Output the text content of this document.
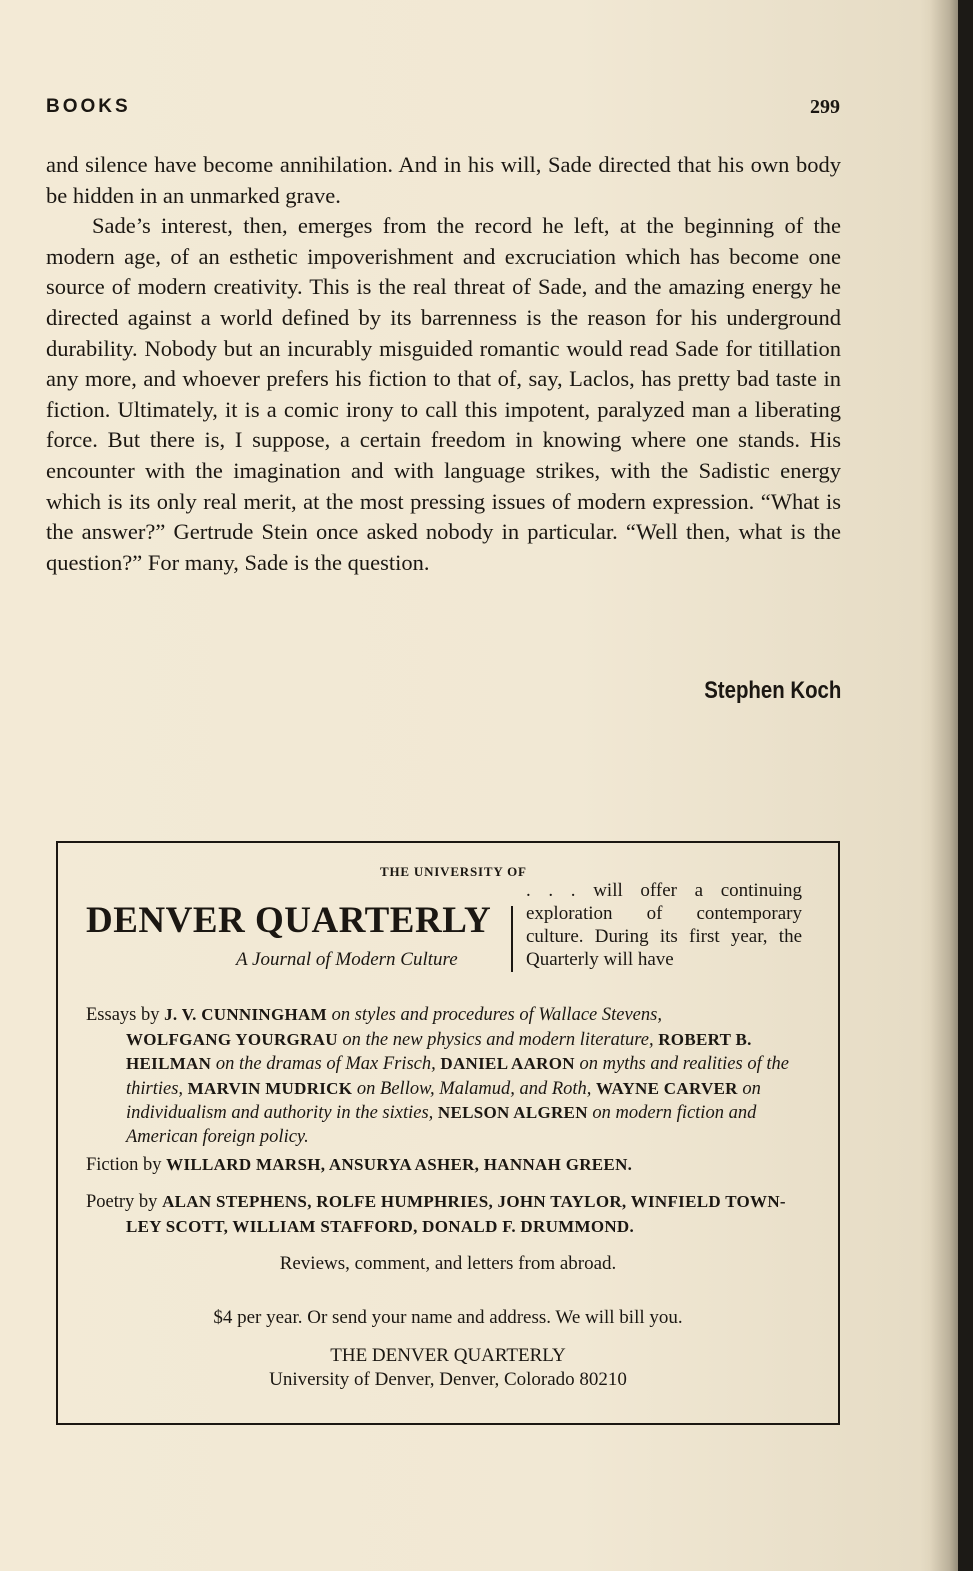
BOOKS	299

and silence have become annihilation. And in his will, Sade directed that his own body be hidden in an unmarked grave.

Sade’s interest, then, emerges from the record he left, at the beginning of the modern age, of an esthetic impoverishment and excruciation which has become one source of modern creativity. This is the real threat of Sade, and the amazing energy he directed against a world defined by its barrenness is the reason for his underground durability. Nobody but an incurably misguided romantic would read Sade for titillation any more, and whoever prefers his fiction to that of, say, Laclos, has pretty bad taste in fiction. Ultimately, it is a comic irony to call this impotent, paralyzed man a liberating force. But there is, I suppose, a certain freedom in knowing where one stands. His encounter with the imagination and with language strikes, with the Sadistic energy which is its only real merit, at the most pressing issues of modern expression. “What is the answer?” Gertrude Stein once asked nobody in particular. “Well then, what is the question?” For many, Sade is the question.

Stephen Koch
THE UNIVERSITY OF
DENVER QUARTERLY
A Journal of Modern Culture
. . . will offer a continuing exploration of contemporary culture. During its first year, the Quarterly will have
Essays by J. V. CUNNINGHAM on styles and procedures of Wallace Stevens,
WOLFGANG YOURGRAU on the new physics and modern literature, ROBERT B. HEILMAN on the dramas of Max Frisch, DANIEL AARON on myths and realities of the thirties, MARVIN MUDRICK on Bellow, Malamud, and Roth, WAYNE CARVER on individualism and authority in the sixties, NELSON ALGREN on modern fiction and American foreign policy.
Fiction by WILLARD MARSH, ANSURYA ASHER, HANNAH GREEN.
Poetry by ALAN STEPHENS, ROLFE HUMPHRIES, JOHN TAYLOR, WINFIELD TOWN-
LEY SCOTT, WILLIAM STAFFORD, DONALD F. DRUMMOND.
Reviews, comment, and letters from abroad.
$4 per year. Or send your name and address. We will bill you.
THE DENVER QUARTERLY
University of Denver, Denver, Colorado 80210
